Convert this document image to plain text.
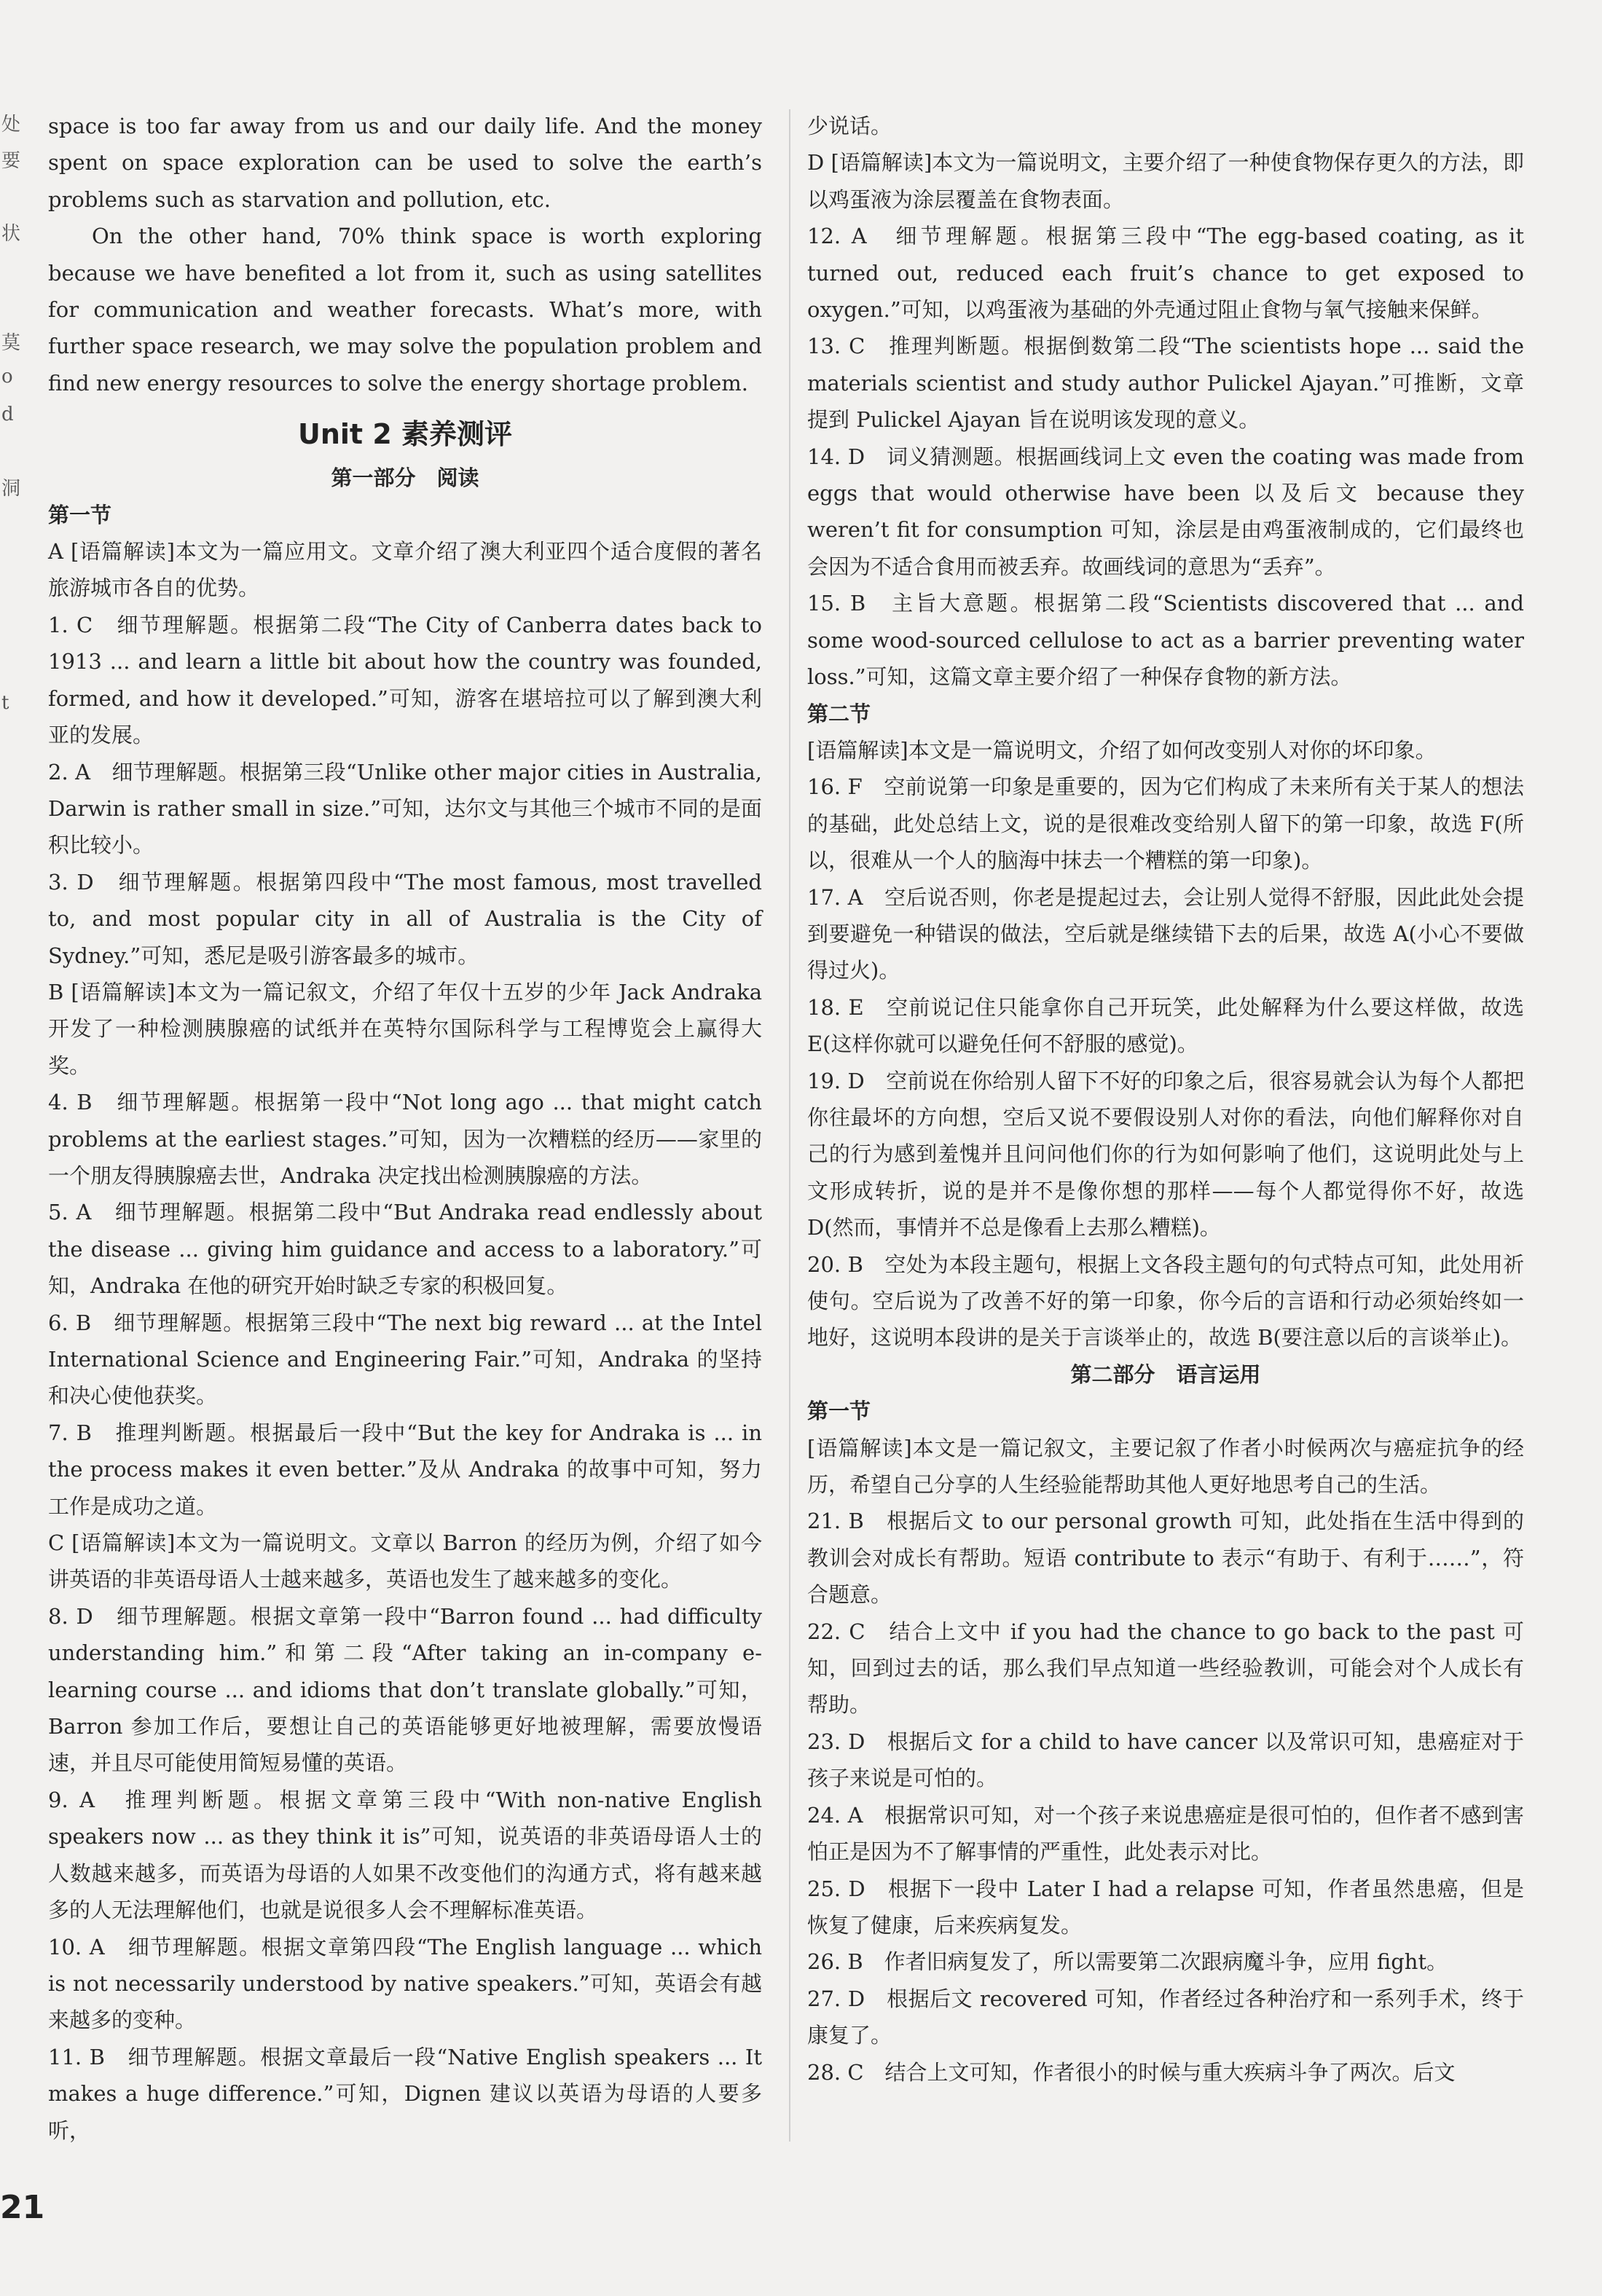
处
要
状
莫
o
d
洞
t
space is too far away from us and our daily life. And the money spent on space exploration can be used to solve the earth’s problems such as starvation and pollution, etc.
On the other hand, 70% think space is worth exploring because we have benefited a lot from it, such as using satellites for communication and weather forecasts. What’s more, with further space research, we may solve the population problem and find new energy resources to solve the energy shortage problem.
Unit 2 素养测评
第一部分　阅读
第一节
A [语篇解读]本文为一篇应用文。文章介绍了澳大利亚四个适合度假的著名旅游城市各自的优势。
1. C　细节理解题。根据第二段“The City of Canberra dates back to 1913 ... and learn a little bit about how the country was founded, formed, and how it developed.”可知，游客在堪培拉可以了解到澳大利亚的发展。
2. A　细节理解题。根据第三段“Unlike other major cities in Australia, Darwin is rather small in size.”可知，达尔文与其他三个城市不同的是面积比较小。
3. D　细节理解题。根据第四段中“The most famous, most travelled to, and most popular city in all of Australia is the City of Sydney.”可知，悉尼是吸引游客最多的城市。
B [语篇解读]本文为一篇记叙文，介绍了年仅十五岁的少年 Jack Andraka 开发了一种检测胰腺癌的试纸并在英特尔国际科学与工程博览会上赢得大奖。
4. B　细节理解题。根据第一段中“Not long ago ... that might catch problems at the earliest stages.”可知，因为一次糟糕的经历——家里的一个朋友得胰腺癌去世，Andraka 决定找出检测胰腺癌的方法。
5. A　细节理解题。根据第二段中“But Andraka read endlessly about the disease ... giving him guidance and access to a laboratory.”可知，Andraka 在他的研究开始时缺乏专家的积极回复。
6. B　细节理解题。根据第三段中“The next big reward ... at the Intel International Science and Engineering Fair.”可知，Andraka 的坚持和决心使他获奖。
7. B　推理判断题。根据最后一段中“But the key for Andraka is ... in the process makes it even better.”及从 Andraka 的故事中可知，努力工作是成功之道。
C [语篇解读]本文为一篇说明文。文章以 Barron 的经历为例，介绍了如今讲英语的非英语母语人士越来越多，英语也发生了越来越多的变化。
8. D　细节理解题。根据文章第一段中“Barron found ... had difficulty understanding him.”和第二段“After taking an in-company e-learning course ... and idioms that don’t translate globally.”可知，Barron 参加工作后，要想让自己的英语能够更好地被理解，需要放慢语速，并且尽可能使用简短易懂的英语。
9. A　推理判断题。根据文章第三段中“With non-native English speakers now ... as they think it is”可知，说英语的非英语母语人士的人数越来越多，而英语为母语的人如果不改变他们的沟通方式，将有越来越多的人无法理解他们，也就是说很多人会不理解标准英语。
10. A　细节理解题。根据文章第四段“The English language ... which is not necessarily understood by native speakers.”可知，英语会有越来越多的变种。
11. B　细节理解题。根据文章最后一段“Native English speakers ... It makes a huge difference.”可知，Dignen 建议以英语为母语的人要多听，
少说话。
D [语篇解读]本文为一篇说明文，主要介绍了一种使食物保存更久的方法，即以鸡蛋液为涂层覆盖在食物表面。
12. A　细节理解题。根据第三段中“The egg-based coating, as it turned out, reduced each fruit’s chance to get exposed to oxygen.”可知，以鸡蛋液为基础的外壳通过阻止食物与氧气接触来保鲜。
13. C　推理判断题。根据倒数第二段“The scientists hope ... said the materials scientist and study author Pulickel Ajayan.”可推断，文章提到 Pulickel Ajayan 旨在说明该发现的意义。
14. D　词义猜测题。根据画线词上文 even the coating was made from eggs that would otherwise have been 以及后文 because they weren’t fit for consumption 可知，涂层是由鸡蛋液制成的，它们最终也会因为不适合食用而被丢弃。故画线词的意思为“丢弃”。
15. B　主旨大意题。根据第二段“Scientists discovered that ... and some wood-sourced cellulose to act as a barrier preventing water loss.”可知，这篇文章主要介绍了一种保存食物的新方法。
第二节
[语篇解读]本文是一篇说明文，介绍了如何改变别人对你的坏印象。
16. F　空前说第一印象是重要的，因为它们构成了未来所有关于某人的想法的基础，此处总结上文，说的是很难改变给别人留下的第一印象，故选 F(所以，很难从一个人的脑海中抹去一个糟糕的第一印象)。
17. A　空后说否则，你老是提起过去，会让别人觉得不舒服，因此此处会提到要避免一种错误的做法，空后就是继续错下去的后果，故选 A(小心不要做得过火)。
18. E　空前说记住只能拿你自己开玩笑，此处解释为什么要这样做，故选 E(这样你就可以避免任何不舒服的感觉)。
19. D　空前说在你给别人留下不好的印象之后，很容易就会认为每个人都把你往最坏的方向想，空后又说不要假设别人对你的看法，向他们解释你对自己的行为感到羞愧并且问问他们你的行为如何影响了他们，这说明此处与上文形成转折，说的是并不是像你想的那样——每个人都觉得你不好，故选 D(然而，事情并不总是像看上去那么糟糕)。
20. B　空处为本段主题句，根据上文各段主题句的句式特点可知，此处用祈使句。空后说为了改善不好的第一印象，你今后的言语和行动必须始终如一地好，这说明本段讲的是关于言谈举止的，故选 B(要注意以后的言谈举止)。
第二部分　语言运用
第一节
[语篇解读]本文是一篇记叙文，主要记叙了作者小时候两次与癌症抗争的经历，希望自己分享的人生经验能帮助其他人更好地思考自己的生活。
21. B　根据后文 to our personal growth 可知，此处指在生活中得到的教训会对成长有帮助。短语 contribute to 表示“有助于、有利于……”，符合题意。
22. C　结合上文中 if you had the chance to go back to the past 可知，回到过去的话，那么我们早点知道一些经验教训，可能会对个人成长有帮助。
23. D　根据后文 for a child to have cancer 以及常识可知，患癌症对于孩子来说是可怕的。
24. A　根据常识可知，对一个孩子来说患癌症是很可怕的，但作者不感到害怕正是因为不了解事情的严重性，此处表示对比。
25. D　根据下一段中 Later I had a relapse 可知，作者虽然患癌，但是恢复了健康，后来疾病复发。
26. B　作者旧病复发了，所以需要第二次跟病魔斗争，应用 fight。
27. D　根据后文 recovered 可知，作者经过各种治疗和一系列手术，终于康复了。
28. C　结合上文可知，作者很小的时候与重大疾病斗争了两次。后文
21
